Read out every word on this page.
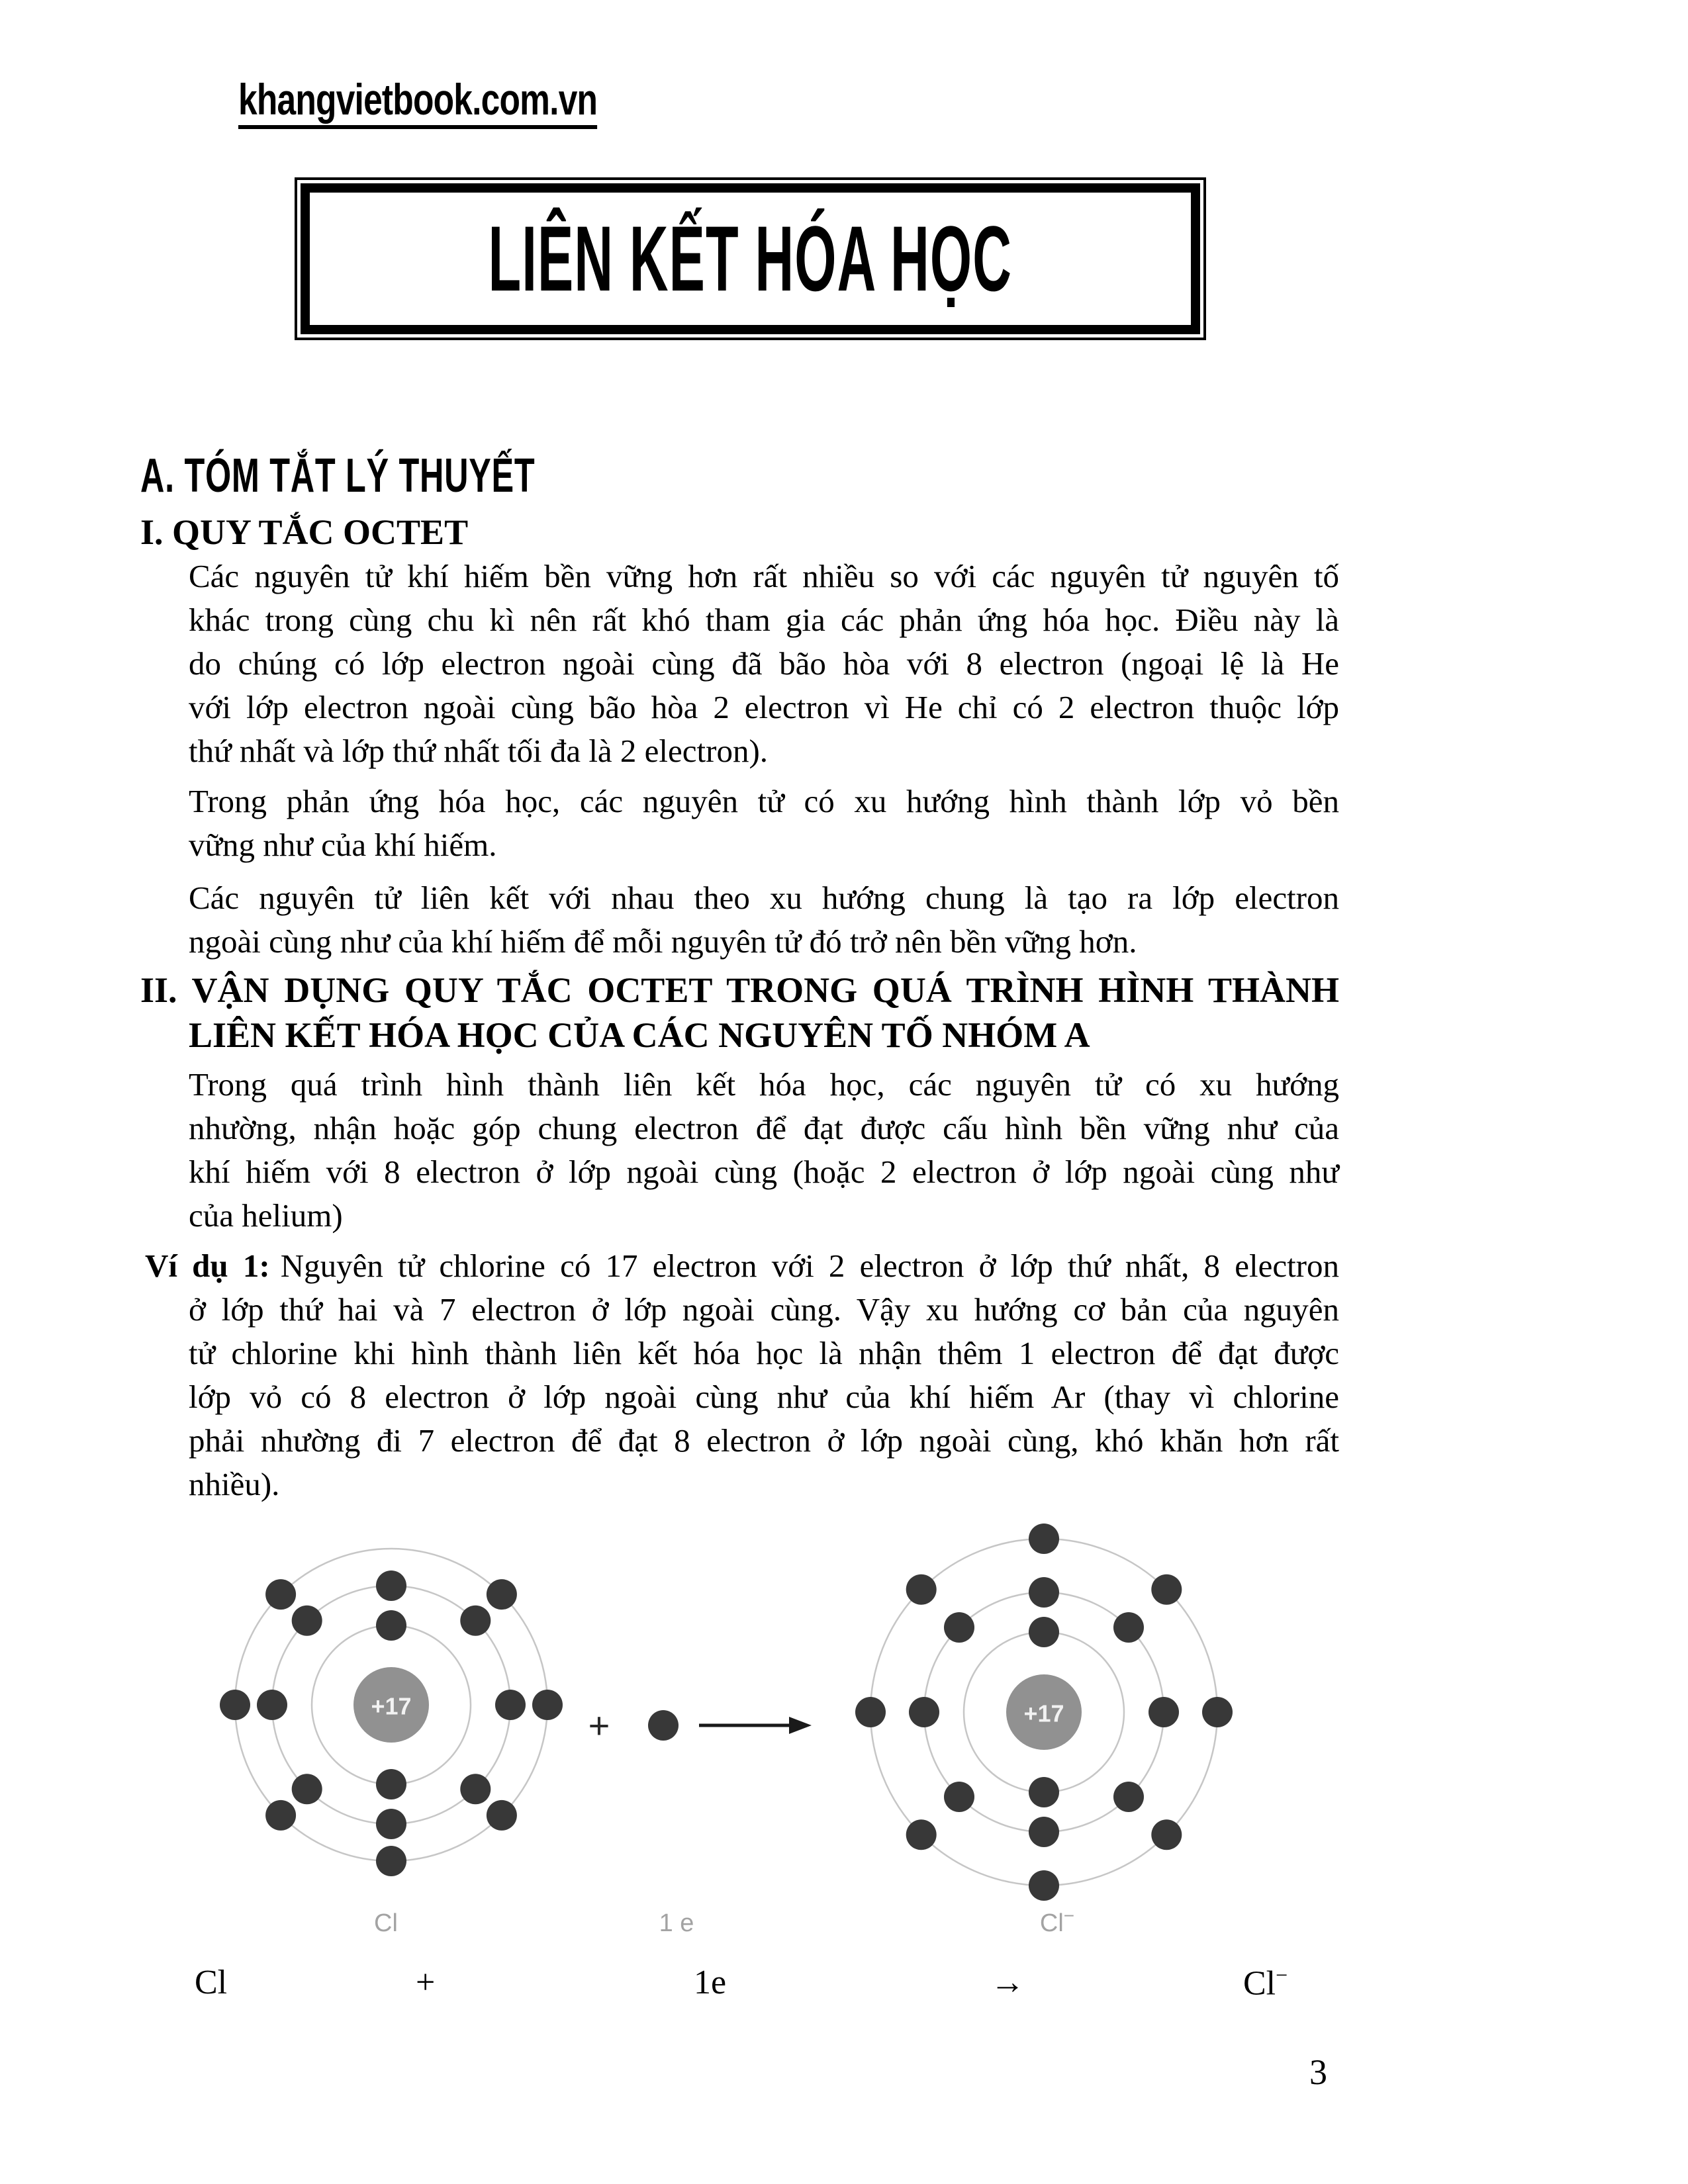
khangvietbook.com.vn
LIÊN KẾT HÓA HỌC
A. TÓM TẮT LÝ THUYẾT
I. QUY TẮC OCTET
Các nguyên tử khí hiếm bền vững hơn rất nhiều so với các nguyên tử nguyên tố
khác trong cùng chu kì nên rất khó tham gia các phản ứng hóa học. Điều này là
do chúng có lớp electron ngoài cùng đã bão hòa với 8 electron (ngoại lệ là He
với lớp electron ngoài cùng bão hòa 2 electron vì He chỉ có 2 electron thuộc lớp
thứ nhất và lớp thứ nhất tối đa là 2 electron).
Trong phản ứng hóa học, các nguyên tử có xu hướng hình thành lớp vỏ bền
vững như của khí hiếm.
Các nguyên tử liên kết với nhau theo xu hướng chung là tạo ra lớp electron
ngoài cùng như của khí hiếm để mỗi nguyên tử đó trở nên bền vững hơn.
II. VẬN DỤNG QUY TẮC OCTET TRONG QUÁ TRÌNH HÌNH THÀNH
LIÊN KẾT HÓA HỌC CỦA CÁC NGUYÊN TỐ NHÓM A
Trong quá trình hình thành liên kết hóa học, các nguyên tử có xu hướng
nhường, nhận hoặc góp chung electron để đạt được cấu hình bền vững như của
khí hiếm với 8 electron ở lớp ngoài cùng (hoặc 2 electron ở lớp ngoài cùng như
của helium)
Ví dụ 1: Nguyên tử chlorine có 17 electron với 2 electron ở lớp thứ nhất, 8 electron
ở lớp thứ hai và 7 electron ở lớp ngoài cùng. Vậy xu hướng cơ bản của nguyên
tử chlorine khi hình thành liên kết hóa học là nhận thêm 1 electron để đạt được
lớp vỏ có 8 electron ở lớp ngoài cùng như của khí hiếm Ar (thay vì chlorine
phải nhường đi 7 electron để đạt 8 electron ở lớp ngoài cùng, khó khăn hơn rất
nhiều).
+17
Cl
+17
Cl−
+
1 e
Cl	+	1e	→	Cl−
3
